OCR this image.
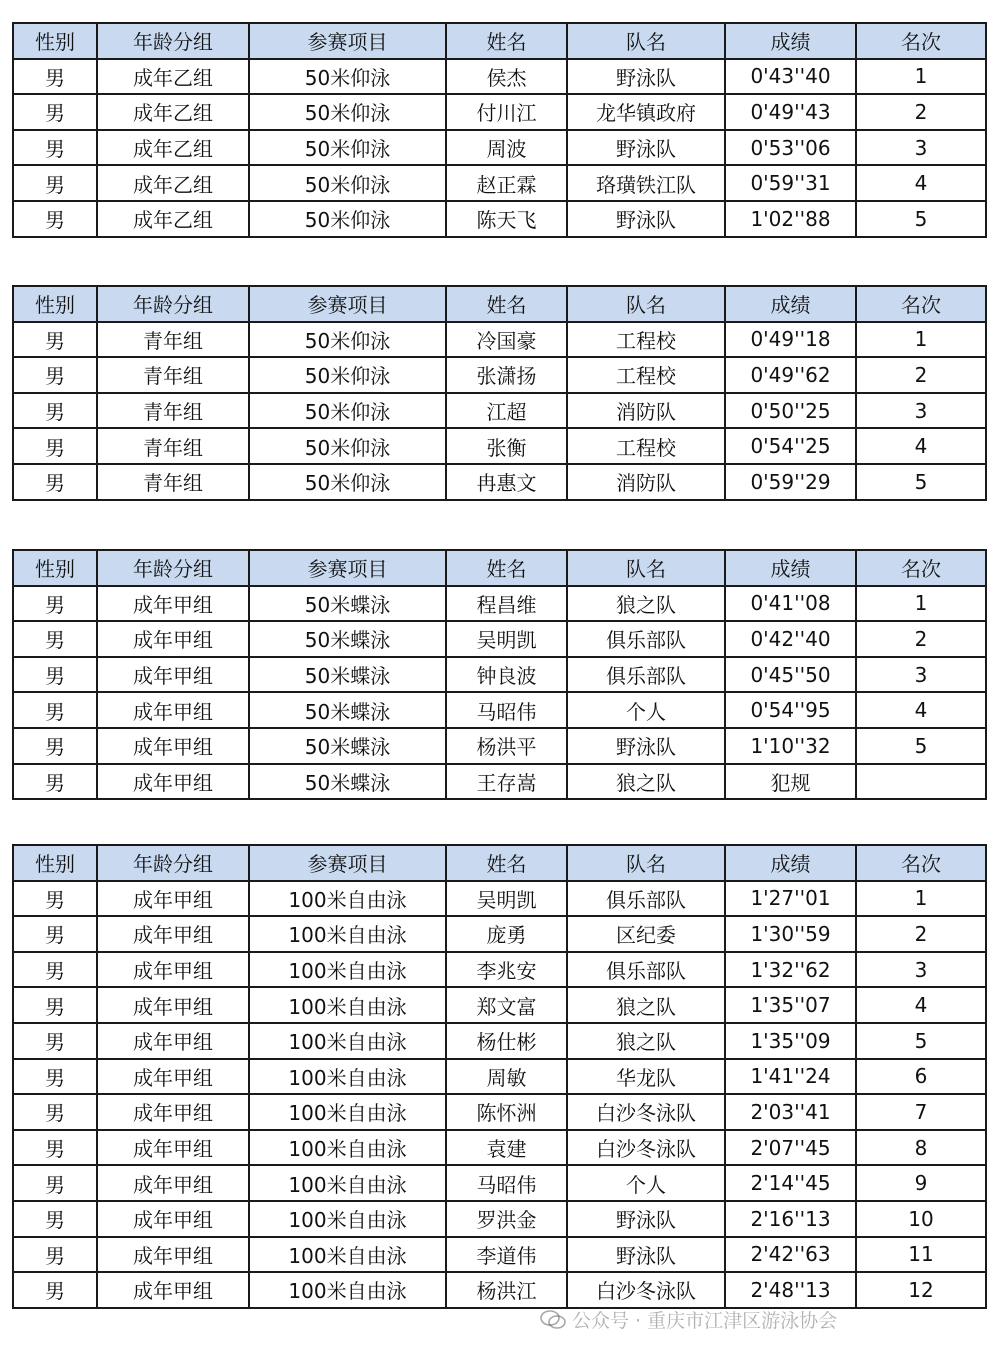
性别	年龄分组	参赛项目	姓名	队名	成绩	名次
男	成年乙组	50米仰泳	侯杰	野泳队	0'43''40	1
男	成年乙组	50米仰泳	付川江	龙华镇政府	0'49''43	2
男	成年乙组	50米仰泳	周波	野泳队	0'53''06	3
男	成年乙组	50米仰泳	赵正霖	珞璜铁江队	0'59''31	4
男	成年乙组	50米仰泳	陈天飞	野泳队	1'02''88	5
性别	年龄分组	参赛项目	姓名	队名	成绩	名次
男	青年组	50米仰泳	冷国豪	工程校	0'49''18	1
男	青年组	50米仰泳	张潇扬	工程校	0'49''62	2
男	青年组	50米仰泳	江超	消防队	0'50''25	3
男	青年组	50米仰泳	张衡	工程校	0'54''25	4
男	青年组	50米仰泳	冉惠文	消防队	0'59''29	5
性别	年龄分组	参赛项目	姓名	队名	成绩	名次
男	成年甲组	50米蝶泳	程昌维	狼之队	0'41''08	1
男	成年甲组	50米蝶泳	吴明凯	俱乐部队	0'42''40	2
男	成年甲组	50米蝶泳	钟良波	俱乐部队	0'45''50	3
男	成年甲组	50米蝶泳	马昭伟	个人	0'54''95	4
男	成年甲组	50米蝶泳	杨洪平	野泳队	1'10''32	5
男	成年甲组	50米蝶泳	王存嵩	狼之队	犯规	
性别	年龄分组	参赛项目	姓名	队名	成绩	名次
男	成年甲组	100米自由泳	吴明凯	俱乐部队	1'27''01	1
男	成年甲组	100米自由泳	庞勇	区纪委	1'30''59	2
男	成年甲组	100米自由泳	李兆安	俱乐部队	1'32''62	3
男	成年甲组	100米自由泳	郑文富	狼之队	1'35''07	4
男	成年甲组	100米自由泳	杨仕彬	狼之队	1'35''09	5
男	成年甲组	100米自由泳	周敏	华龙队	1'41''24	6
男	成年甲组	100米自由泳	陈怀洲	白沙冬泳队	2'03''41	7
男	成年甲组	100米自由泳	袁建	白沙冬泳队	2'07''45	8
男	成年甲组	100米自由泳	马昭伟	个人	2'14''45	9
男	成年甲组	100米自由泳	罗洪金	野泳队	2'16''13	10
男	成年甲组	100米自由泳	李道伟	野泳队	2'42''63	11
男	成年甲组	100米自由泳	杨洪江	白沙冬泳队	2'48''13	12
公众号 · 重庆市江津区游泳协会
